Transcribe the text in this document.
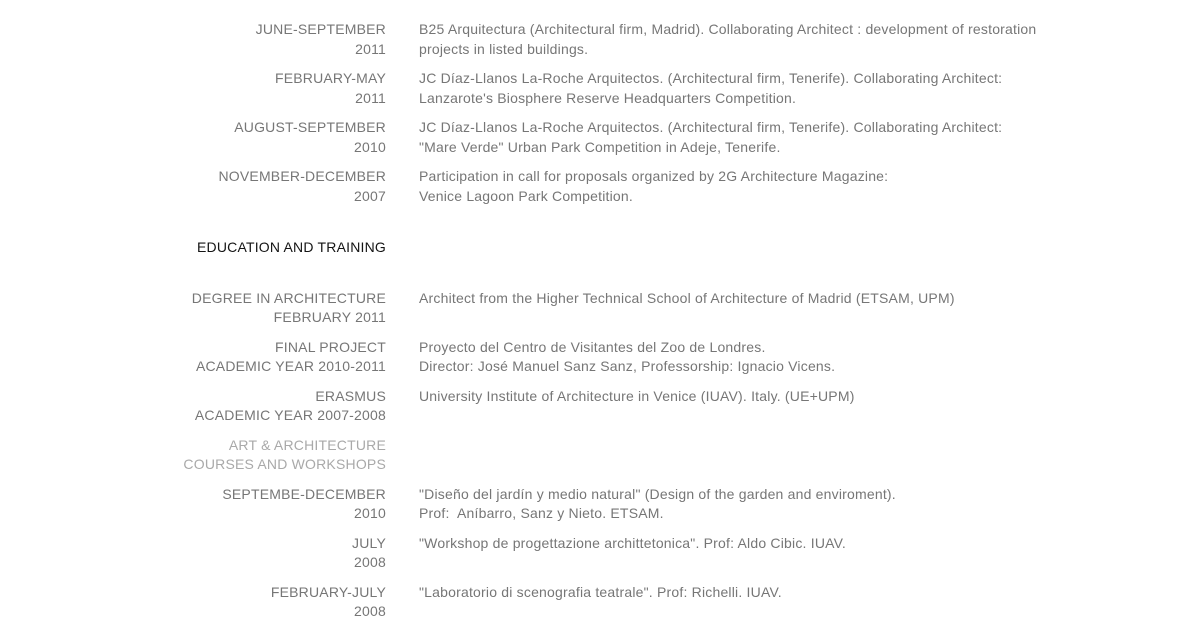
JUNE-SEPTEMBER
2011
B25 Arquitectura (Architectural firm, Madrid). Collaborating Architect : development of restoration
projects in listed buildings.
FEBRUARY-MAY
2011
JC Díaz-Llanos La-Roche Arquitectos. (Architectural firm, Tenerife). Collaborating Architect:
Lanzarote's Biosphere Reserve Headquarters Competition.
AUGUST-SEPTEMBER
2010
JC Díaz-Llanos La-Roche Arquitectos. (Architectural firm, Tenerife). Collaborating Architect:
"Mare Verde" Urban Park Competition in Adeje, Tenerife.
NOVEMBER-DECEMBER
2007
Participation in call for proposals organized by 2G Architecture Magazine:
Venice Lagoon Park Competition.
EDUCATION AND TRAINING
DEGREE IN ARCHITECTURE
FEBRUARY 2011
Architect from the Higher Technical School of Architecture of Madrid (ETSAM, UPM)
FINAL PROJECT
ACADEMIC YEAR 2010-2011
Proyecto del Centro de Visitantes del Zoo de Londres.
Director: José Manuel Sanz Sanz, Professorship: Ignacio Vicens.
ERASMUS
ACADEMIC YEAR 2007-2008
University Institute of Architecture in Venice (IUAV). Italy. (UE+UPM)
ART & ARCHITECTURE
COURSES AND WORKSHOPS
SEPTEMBE-DECEMBER
2010
"Diseño del jardín y medio natural" (Design of the garden and enviroment).
Prof:  Aníbarro, Sanz y Nieto. ETSAM.
JULY
2008
"Workshop de progettazione archittetonica". Prof: Aldo Cibic. IUAV.
FEBRUARY-JULY
2008
"Laboratorio di scenografia teatrale". Prof: Richelli. IUAV.
